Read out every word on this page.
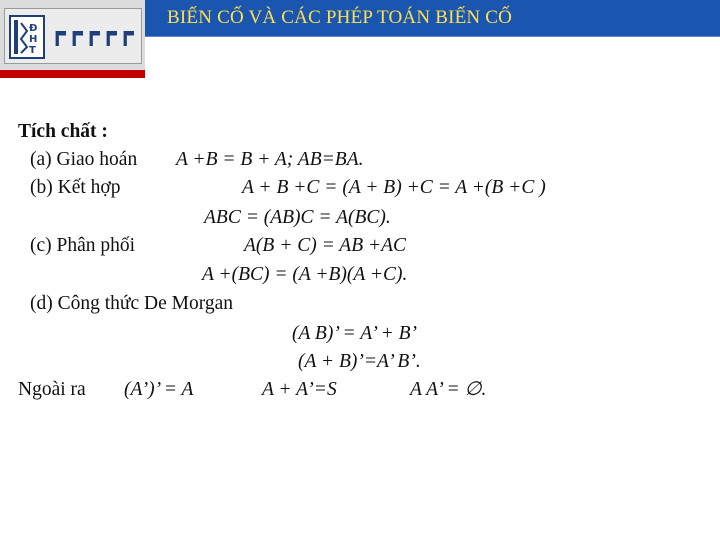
Đ
H
T
BIẾN CỐ VÀ CÁC PHÉP TOÁN BIẾN CỐ
Tích chất :
(a) Giao hoán A +B = B + A; AB=BA.
(b) Kết hợp	A + B +C = (A + B) +C = A +(B +C )
ABC = (AB)C = A(BC).
(c) Phân phối	A(B + C) = AB +AC
A +(BC) = (A +B)(A +C).
(d) Công thức De Morgan
(A B)’ = A’ + B’
(A + B)’=A’ B’.
Ngoài ra (A’)’ = A	A + A’=S	A A’ = ∅.
